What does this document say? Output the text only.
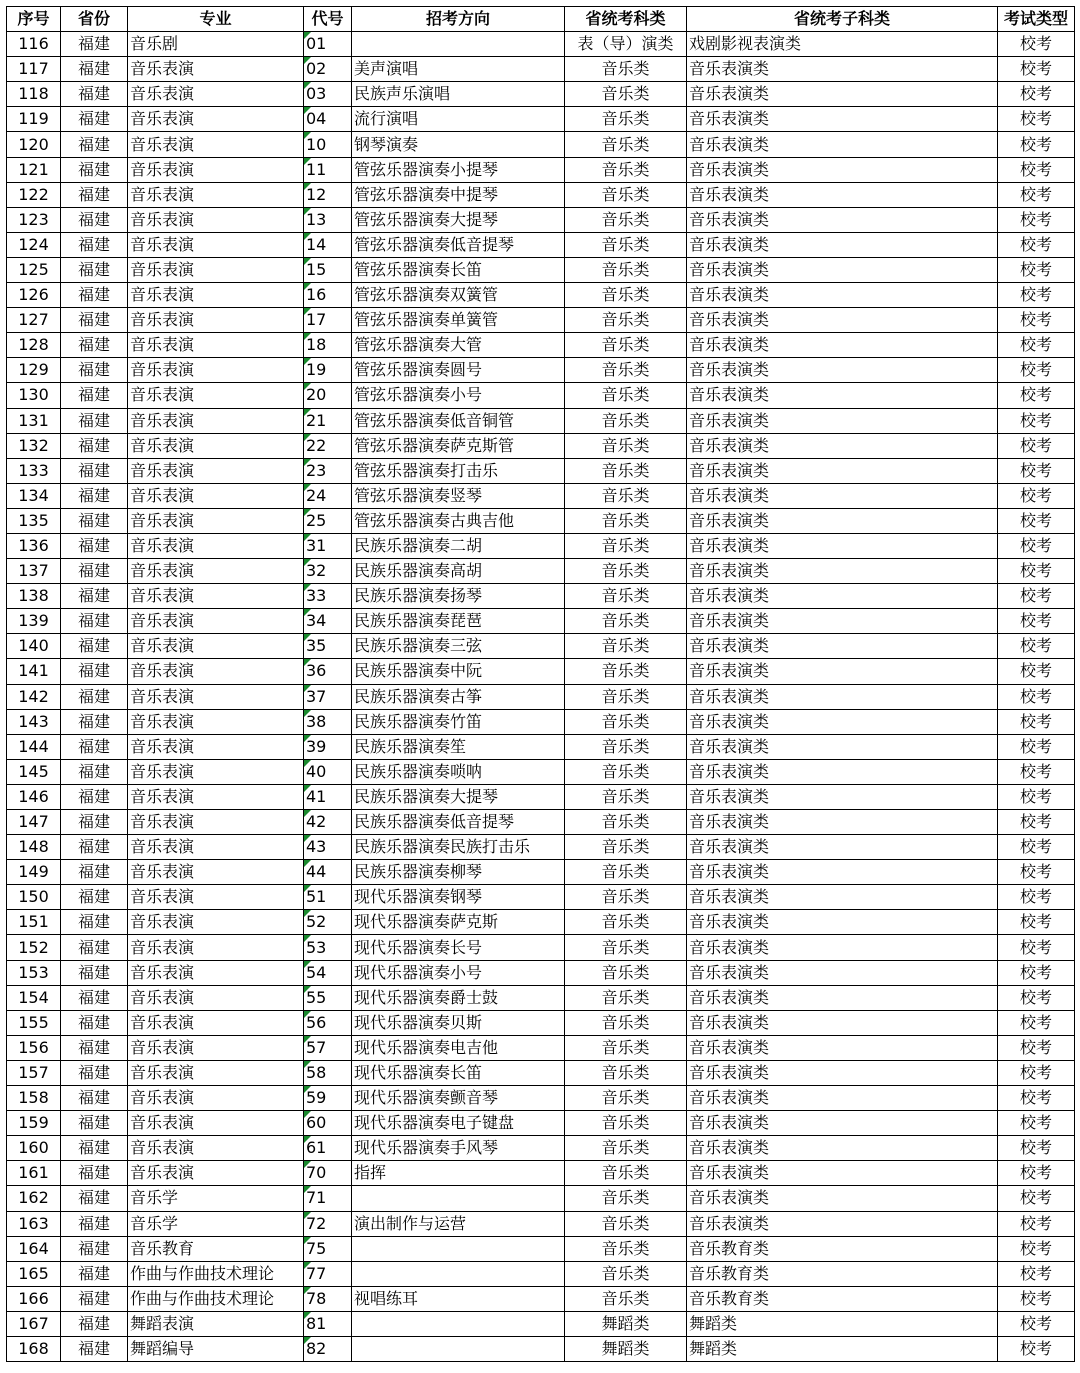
序号	省份	专业	代号	招考方向	省统考科类	省统考子科类	考试类型
116	福建	音乐剧	01		表（导）演类	戏剧影视表演类	校考
117	福建	音乐表演	02	美声演唱	音乐类	音乐表演类	校考
118	福建	音乐表演	03	民族声乐演唱	音乐类	音乐表演类	校考
119	福建	音乐表演	04	流行演唱	音乐类	音乐表演类	校考
120	福建	音乐表演	10	钢琴演奏	音乐类	音乐表演类	校考
121	福建	音乐表演	11	管弦乐器演奏小提琴	音乐类	音乐表演类	校考
122	福建	音乐表演	12	管弦乐器演奏中提琴	音乐类	音乐表演类	校考
123	福建	音乐表演	13	管弦乐器演奏大提琴	音乐类	音乐表演类	校考
124	福建	音乐表演	14	管弦乐器演奏低音提琴	音乐类	音乐表演类	校考
125	福建	音乐表演	15	管弦乐器演奏长笛	音乐类	音乐表演类	校考
126	福建	音乐表演	16	管弦乐器演奏双簧管	音乐类	音乐表演类	校考
127	福建	音乐表演	17	管弦乐器演奏单簧管	音乐类	音乐表演类	校考
128	福建	音乐表演	18	管弦乐器演奏大管	音乐类	音乐表演类	校考
129	福建	音乐表演	19	管弦乐器演奏圆号	音乐类	音乐表演类	校考
130	福建	音乐表演	20	管弦乐器演奏小号	音乐类	音乐表演类	校考
131	福建	音乐表演	21	管弦乐器演奏低音铜管	音乐类	音乐表演类	校考
132	福建	音乐表演	22	管弦乐器演奏萨克斯管	音乐类	音乐表演类	校考
133	福建	音乐表演	23	管弦乐器演奏打击乐	音乐类	音乐表演类	校考
134	福建	音乐表演	24	管弦乐器演奏竖琴	音乐类	音乐表演类	校考
135	福建	音乐表演	25	管弦乐器演奏古典吉他	音乐类	音乐表演类	校考
136	福建	音乐表演	31	民族乐器演奏二胡	音乐类	音乐表演类	校考
137	福建	音乐表演	32	民族乐器演奏高胡	音乐类	音乐表演类	校考
138	福建	音乐表演	33	民族乐器演奏扬琴	音乐类	音乐表演类	校考
139	福建	音乐表演	34	民族乐器演奏琵琶	音乐类	音乐表演类	校考
140	福建	音乐表演	35	民族乐器演奏三弦	音乐类	音乐表演类	校考
141	福建	音乐表演	36	民族乐器演奏中阮	音乐类	音乐表演类	校考
142	福建	音乐表演	37	民族乐器演奏古筝	音乐类	音乐表演类	校考
143	福建	音乐表演	38	民族乐器演奏竹笛	音乐类	音乐表演类	校考
144	福建	音乐表演	39	民族乐器演奏笙	音乐类	音乐表演类	校考
145	福建	音乐表演	40	民族乐器演奏唢呐	音乐类	音乐表演类	校考
146	福建	音乐表演	41	民族乐器演奏大提琴	音乐类	音乐表演类	校考
147	福建	音乐表演	42	民族乐器演奏低音提琴	音乐类	音乐表演类	校考
148	福建	音乐表演	43	民族乐器演奏民族打击乐	音乐类	音乐表演类	校考
149	福建	音乐表演	44	民族乐器演奏柳琴	音乐类	音乐表演类	校考
150	福建	音乐表演	51	现代乐器演奏钢琴	音乐类	音乐表演类	校考
151	福建	音乐表演	52	现代乐器演奏萨克斯	音乐类	音乐表演类	校考
152	福建	音乐表演	53	现代乐器演奏长号	音乐类	音乐表演类	校考
153	福建	音乐表演	54	现代乐器演奏小号	音乐类	音乐表演类	校考
154	福建	音乐表演	55	现代乐器演奏爵士鼓	音乐类	音乐表演类	校考
155	福建	音乐表演	56	现代乐器演奏贝斯	音乐类	音乐表演类	校考
156	福建	音乐表演	57	现代乐器演奏电吉他	音乐类	音乐表演类	校考
157	福建	音乐表演	58	现代乐器演奏长笛	音乐类	音乐表演类	校考
158	福建	音乐表演	59	现代乐器演奏颤音琴	音乐类	音乐表演类	校考
159	福建	音乐表演	60	现代乐器演奏电子键盘	音乐类	音乐表演类	校考
160	福建	音乐表演	61	现代乐器演奏手风琴	音乐类	音乐表演类	校考
161	福建	音乐表演	70	指挥	音乐类	音乐表演类	校考
162	福建	音乐学	71		音乐类	音乐表演类	校考
163	福建	音乐学	72	演出制作与运营	音乐类	音乐表演类	校考
164	福建	音乐教育	75		音乐类	音乐教育类	校考
165	福建	作曲与作曲技术理论	77		音乐类	音乐教育类	校考
166	福建	作曲与作曲技术理论	78	视唱练耳	音乐类	音乐教育类	校考
167	福建	舞蹈表演	81		舞蹈类	舞蹈类	校考
168	福建	舞蹈编导	82		舞蹈类	舞蹈类	校考
